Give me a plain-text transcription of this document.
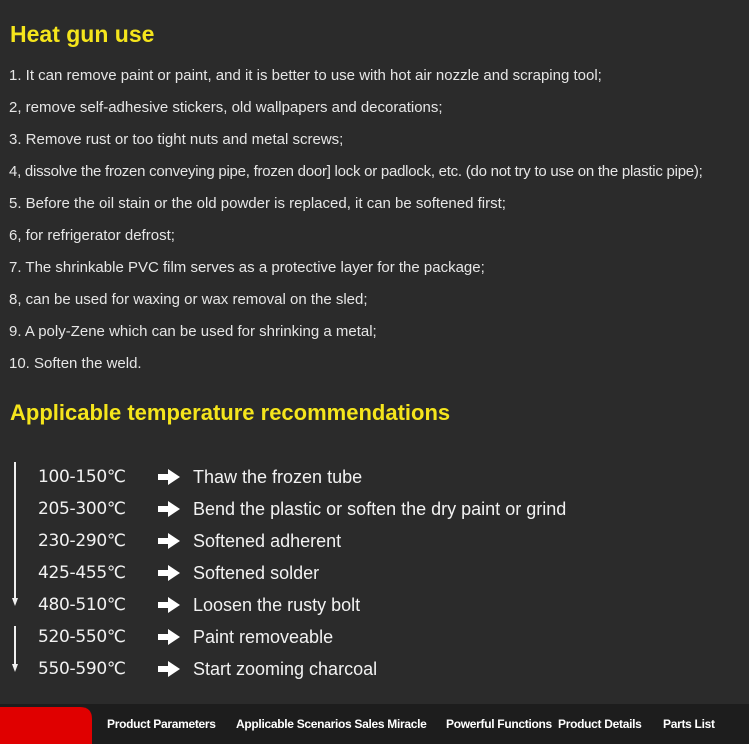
Heat gun use
1. It can remove paint or paint, and it is better to use with hot air nozzle and scraping tool;
2, remove self-adhesive stickers, old wallpapers and decorations;
3. Remove rust or too tight nuts and metal screws;
4, dissolve the frozen conveying pipe, frozen door] lock or padlock, etc. (do not try to use on the plastic pipe);
5. Before the oil stain or the old powder is replaced, it can be softened first;
6, for refrigerator defrost;
7. The shrinkable PVC film serves as a protective layer for the package;
8, can be used for waxing or wax removal on the sled;
9. A poly-Zene which can be used for shrinking a metal;
10. Soften the weld.
Applicable temperature recommendations
100-150℃	Thaw the frozen tube
205-300℃	Bend the plastic or soften the dry paint or grind
230-290℃	Softened adherent
425-455℃	Softened solder
480-510℃	Loosen the rusty bolt
520-550℃	Paint removeable
550-590℃	Start zooming charcoal
Product Parameters Applicable Scenarios Sales Miracle Powerful Functions Product Details Parts List
